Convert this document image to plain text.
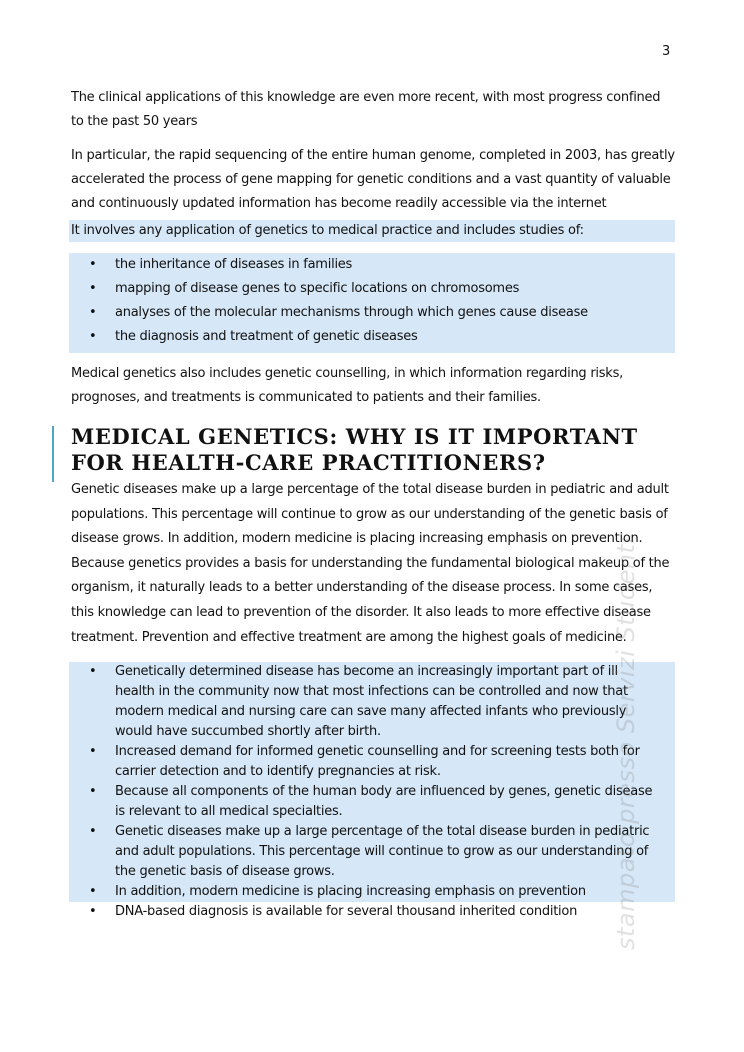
3

The clinical applications of this knowledge are even more recent, with most progress confined to the past 50 years

In particular, the rapid sequencing of the entire human genome, completed in 2003, has greatly accelerated the process of gene mapping for genetic conditions and a vast quantity of valuable and continuously updated information has become readily accessible via the internet

It involves any application of genetics to medical practice and includes studies of:

• the inheritance of diseases in families
• mapping of disease genes to specific locations on chromosomes
• analyses of the molecular mechanisms through which genes cause disease
• the diagnosis and treatment of genetic diseases

Medical genetics also includes genetic counselling, in which information regarding risks, prognoses, and treatments is communicated to patients and their families.

MEDICAL GENETICS: WHY IS IT IMPORTANT FOR HEALTH-CARE PRACTITIONERS?

Genetic diseases make up a large percentage of the total disease burden in pediatric and adult populations. This percentage will continue to grow as our understanding of the genetic basis of disease grows. In addition, modern medicine is placing increasing emphasis on prevention. Because genetics provides a basis for understanding the fundamental biological makeup of the organism, it naturally leads to a better understanding of the disease process. In some cases, this knowledge can lead to prevention of the disorder. It also leads to more effective disease treatment. Prevention and effective treatment are among the highest goals of medicine.

• Genetically determined disease has become an increasingly important part of ill health in the community now that most infections can be controlled and now that modern medical and nursing care can save many affected infants who previously would have succumbed shortly after birth.
• Increased demand for informed genetic counselling and for screening tests both for carrier detection and to identify pregnancies at risk.
• Because all components of the human body are influenced by genes, genetic disease is relevant to all medical specialties.
• Genetic diseases make up a large percentage of the total disease burden in pediatric and adult populations. This percentage will continue to grow as our understanding of the genetic basis of disease grows.
• In addition, modern medicine is placing increasing emphasis on prevention
• DNA-based diagnosis is available for several thousand inherited condition	stampato presso Servizi Studenti
